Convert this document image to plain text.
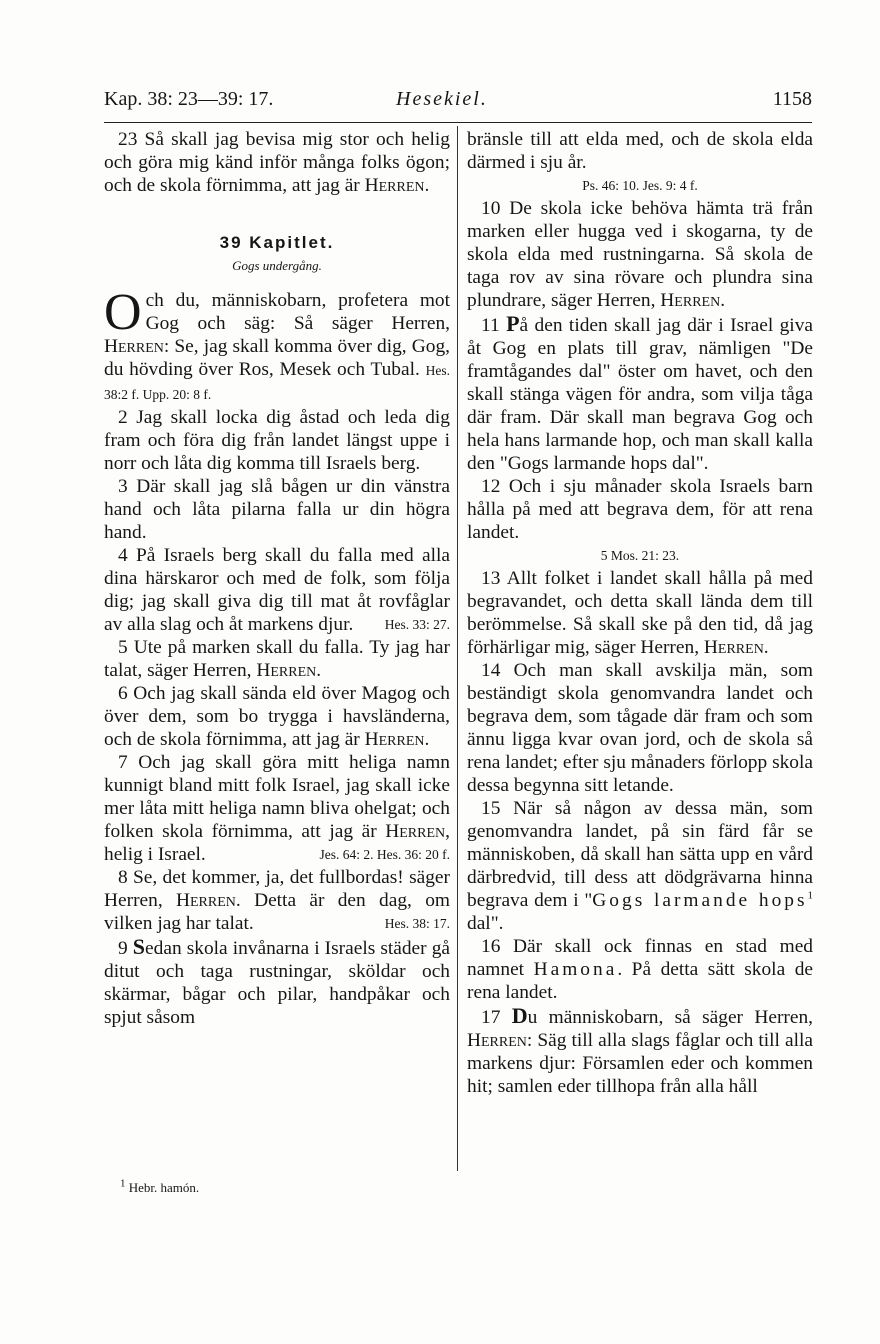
Kap. 38: 23—39: 17.	Hesekiel.	1158

23 Så skall jag bevisa mig stor och helig och göra mig känd inför många folks ögon; och de skola förnimma, att jag är Herren.

39 Kapitlet.

Gogs undergång.

Och du, människobarn, profetera mot Gog och säg: Så säger Herren, Herren: Se, jag skall komma över dig, Gog, du hövding över Ros, Mesek och Tubal. Hes. 38:2 f. Upp. 20: 8 f.

2 Jag skall locka dig åstad och leda dig fram och föra dig från landet längst uppe i norr och låta dig komma till Israels berg.

3 Där skall jag slå bågen ur din vänstra hand och låta pilarna falla ur din högra hand.

4 På Israels berg skall du falla med alla dina härskaror och med de folk, som följa dig; jag skall giva dig till mat åt rovfåglar av alla slag och åt markens djur.	Hes. 33: 27.

5 Ute på marken skall du falla. Ty jag har talat, säger Herren, Herren.

6 Och jag skall sända eld över Magog och över dem, som bo trygga i havsländerna, och de skola förnimma, att jag är Herren.

7 Och jag skall göra mitt heliga namn kunnigt bland mitt folk Israel, jag skall icke mer låta mitt heliga namn bliva ohelgat; och folken skola förnimma, att jag är Herren, helig i Israel.	Jes. 64: 2. Hes. 36: 20 f.

8 Se, det kommer, ja, det fullbordas! säger Herren, Herren. Detta är den dag, om vilken jag har talat.	Hes. 38: 17.

9 Sedan skola invånarna i Israels städer gå ditut och taga rustningar, sköldar och skärmar, bågar och pilar, handpåkar och spjut såsom

bränsle till att elda med, och de skola elda därmed i sju år.

Ps. 46: 10. Jes. 9: 4 f.

10 De skola icke behöva hämta trä från marken eller hugga ved i skogarna, ty de skola elda med rustningarna. Så skola de taga rov av sina rövare och plundra sina plundrare, säger Herren, Herren.

11 På den tiden skall jag där i Israel giva åt Gog en plats till grav, nämligen "De framtågandes dal" öster om havet, och den skall stänga vägen för andra, som vilja tåga där fram. Där skall man begrava Gog och hela hans larmande hop, och man skall kalla den "Gogs larmande hops dal".

12 Och i sju månader skola Israels barn hålla på med att begrava dem, för att rena landet.

5 Mos. 21: 23.

13 Allt folket i landet skall hålla på med begravandet, och detta skall lända dem till berömmelse. Så skall ske på den tid, då jag förhärligar mig, säger Herren, Herren.

14 Och man skall avskilja män, som beständigt skola genomvandra landet och begrava dem, som tågade där fram och som ännu ligga kvar ovan jord, och de skola så rena landet; efter sju månaders förlopp skola dessa begynna sitt letande.

15 När så någon av dessa män, som genomvandra landet, på sin färd får se människoben, då skall han sätta upp en vård därbredvid, till dess att dödgrävarna hinna begrava dem i "Gogs larmande hops$^1$ dal".

16 Där skall ock finnas en stad med namnet Hamona. På detta sätt skola de rena landet.

17 Du människobarn, så säger Herren, Herren: Säg till alla slags fåglar och till alla markens djur: Församlen eder och kommen hit; samlen eder tillhopa från alla håll

$^1$ Hebr. hamón.
